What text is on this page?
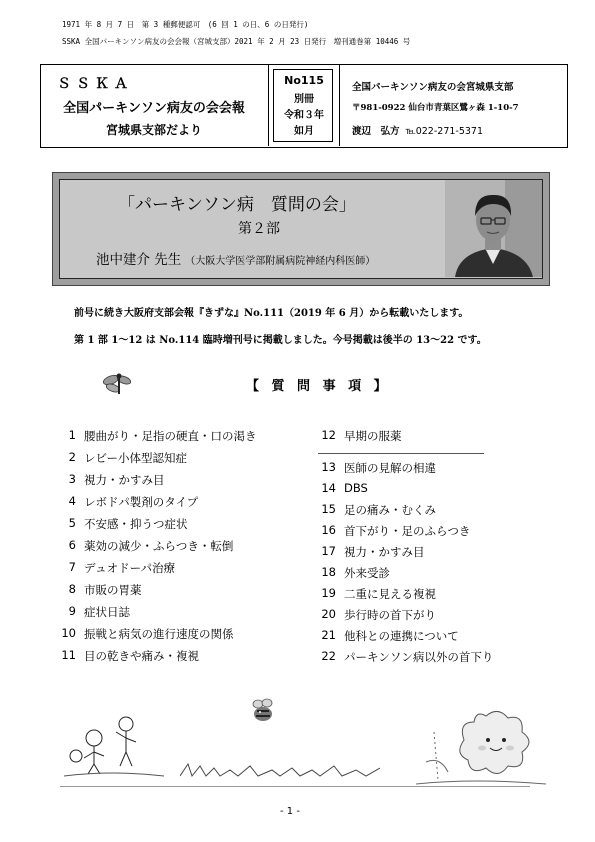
1971 年 8 月 7 日　第 3 種郵便認可　(6 回 1 の日、6 の日発行)
SSKA 全国パーキンソン病友の会会報（宮城支部）2021 年 2 月 23 日発行　増刊通巻第 10446 号
ＳＳＫＡ
全国パーキンソン病友の会会報
宮城県支部だより
No115
別冊
令和３年
如月
全国パーキンソン病友の会宮城県支部
〒981-0922 仙台市青葉区鷺ヶ森 1-10-7
渡辺　弘方 ℡022-271-5371
「パーキンソン病　質問の会」
第２部
池中建介 先生 （大阪大学医学部附属病院神経内科医師）
前号に続き大阪府支部会報『きずな』No.111（2019 年 6 月）から転載いたします。
第 1 部 1～12 は No.114 臨時増刊号に掲載しました。今号掲載は後半の 13～22 です。
【 質 問 事 項 】
1 腰曲がり・足指の硬直・口の渇き
2 レビー小体型認知症
3 視力・かすみ目
4 レボドパ製剤のタイプ
5 不安感・抑うつ症状
6 薬効の減少・ふらつき・転倒
7 デュオドーパ治療
8 市販の胃薬
9 症状日誌
10 振戦と病気の進行速度の関係
11 目の乾きや痛み・複視
12 早期の服薬
13 医師の見解の相違
14 DBS
15 足の痛み・むくみ
16 首下がり・足のふらつき
17 視力・かすみ目
18 外来受診
19 二重に見える複視
20 歩行時の首下がり
21 他科との連携について
22 パーキンソン病以外の首下り
- 1 -
